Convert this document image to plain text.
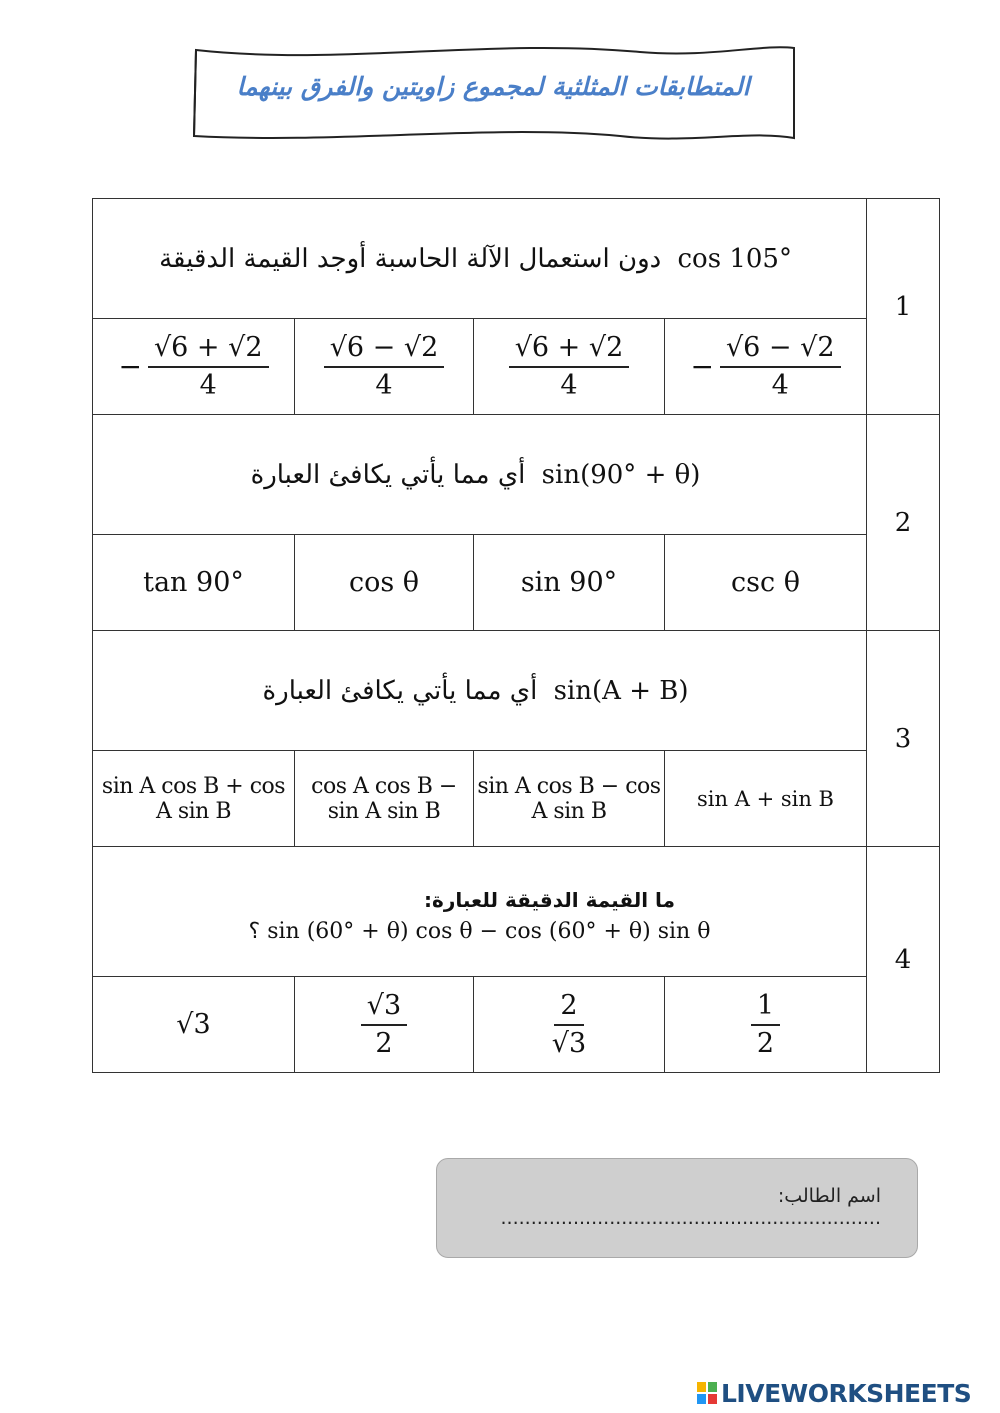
المتطابقات المثلثية لمجموع زاويتين والفرق بينهما
دون استعمال الآلة الحاسبة أوجد القيمة الدقيقة cos 105°				1

− $\frac{√6 + √2}{4}$	$\frac{√6 - √2}{4}$	$\frac{√6 + √2}{4}$	− $\frac{√6 - √2}{4}$

أي مما يأتي يكافئ العبارة sin(90° + θ)				2
tan 90°	cos θ	sin 90°	csc θ	
أي مما يأتي يكافئ العبارة sin(A + B)				3
sin A cos B + cos A sin B	cos A cos B − sin A sin B	sin A cos B − cos A sin B	sin A + sin B	

ما القيمة الدقيقة للعبارة:
؟ sin (60° + θ) cos θ − cos (60° + θ) sin θ				4
√3	$\frac{√3}{2}$	$\frac{2}{√3}$	$\frac{1}{2}$
اسم الطالب: ...............................................................
LIVEWORKSHEETS
